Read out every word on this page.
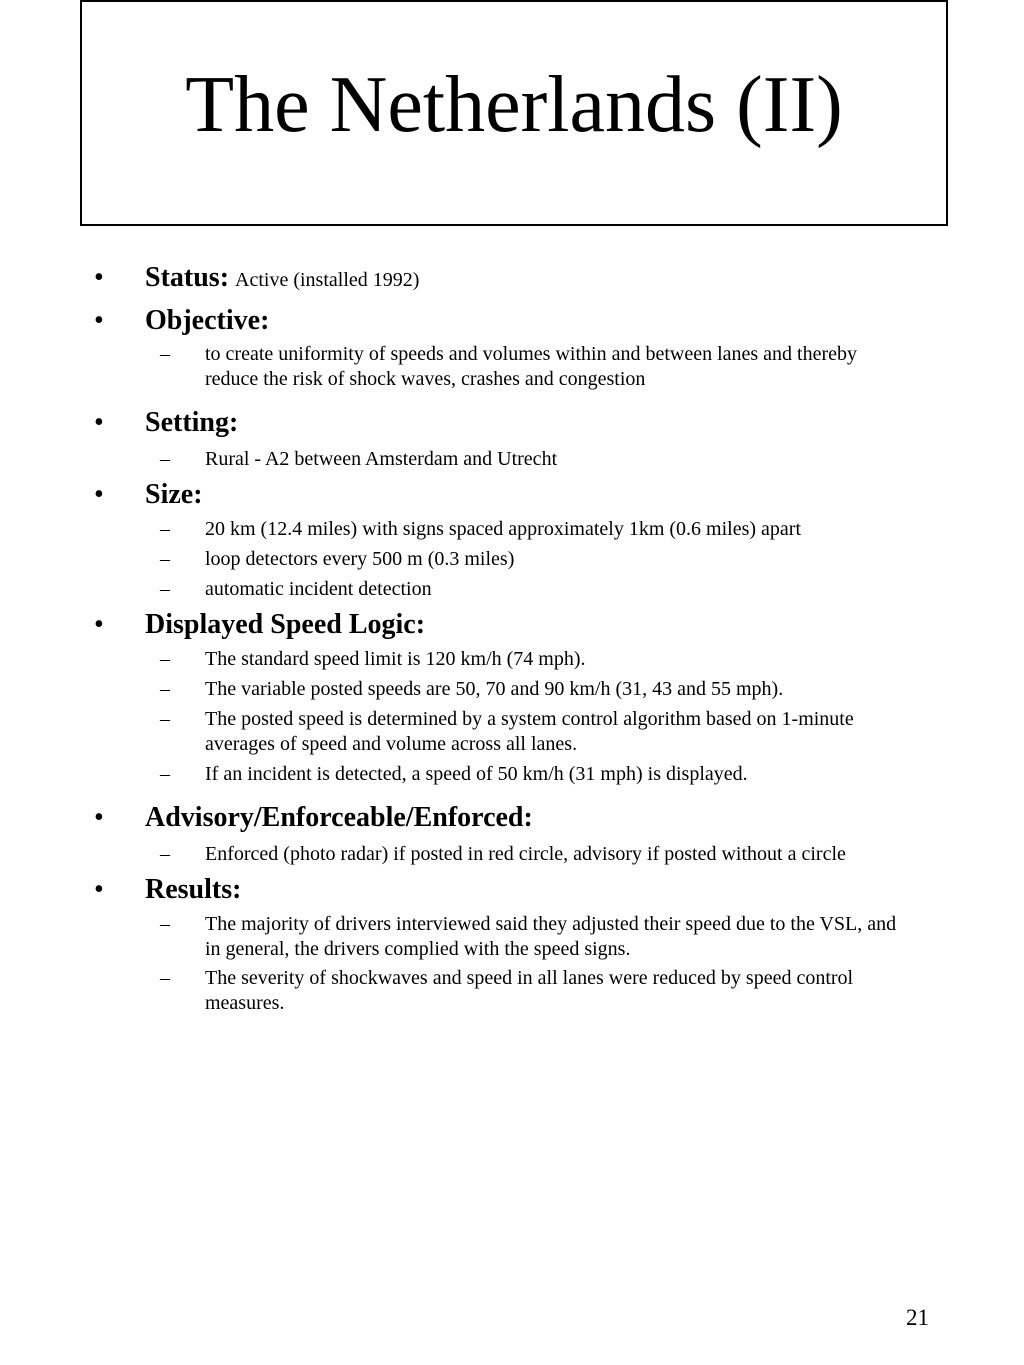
The Netherlands (II)
• Status: Active (installed 1992)
• Objective:
– to create uniformity of speeds and volumes within and between lanes and thereby reduce the risk of shock waves, crashes and congestion
• Setting:
– Rural - A2 between Amsterdam and Utrecht
• Size:
– 20 km (12.4 miles) with signs spaced approximately 1km (0.6 miles) apart
– loop detectors every 500 m (0.3 miles)
– automatic incident detection
• Displayed Speed Logic:
– The standard speed limit is 120 km/h (74 mph).
– The variable posted speeds are 50, 70 and 90 km/h (31, 43 and 55 mph).
– The posted speed is determined by a system control algorithm based on 1-minute averages of speed and volume across all lanes.
– If an incident is detected, a speed of 50 km/h (31 mph) is displayed.
• Advisory/Enforceable/Enforced:
– Enforced (photo radar) if posted in red circle, advisory if posted without a circle
• Results:
– The majority of drivers interviewed said they adjusted their speed due to the VSL, and in general, the drivers complied with the speed signs.
– The severity of shockwaves and speed in all lanes were reduced by speed control measures.
21
